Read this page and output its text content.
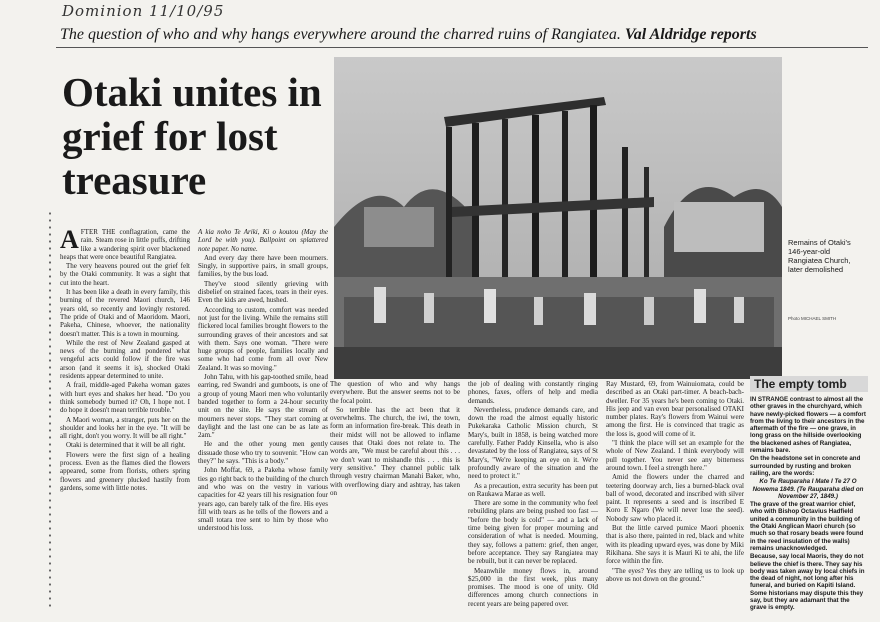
Dominion 11/10/95
The question of who and why hangs everywhere around the charred ruins of Rangiatea. Val Aldridge reports
Otaki unites in grief for lost treasure

AFTER THE conflagration, came the rain. Steam rose in little puffs, drifting like a wandering spirit over blackened heaps that were once beautiful Rangiatea.

The very heavens poured out the grief felt by the Otaki community. It was a sight that cut into the heart.

It has been like a death in every family, this burning of the revered Maori church, 146 years old, so recently and lovingly restored. The pride of Otaki and of Maoridom. Maori, Pakeha, Chinese, whoever, the nationality doesn't matter. This is a town in mourning.

While the rest of New Zealand gasped at news of the burning and pondered what vengeful acts could follow if the fire was arson (and it seems it is), shocked Otaki residents appear determined to unite.

A frail, middle-aged Pakeha woman gazes with hurt eyes and shakes her head. "Do you think somebody burned it? Oh, I hope not. I do hope it doesn't mean terrible trouble."

A Maori woman, a stranger, puts her on the shoulder and looks her in the eye. "It will be all right, don't you worry. It will be all right."

Otaki is determined that it will be all right.

Flowers were the first sign of a healing process. Even as the flames died the flowers appeared, some from florists, others spring flowers and greenery plucked hastily from gardens, some with little notes.

A kia noho Te Ariki, Ki o koutou (May the Lord be with you). Ballpoint on splattered note paper. No name.

And every day there have been mourners. Singly, in supportive pairs, in small groups, families, by the bus load.

They've stood silently grieving with disbelief on strained faces, tears in their eyes. Even the kids are awed, hushed.

According to custom, comfort was needed not just for the living. While the remains still flickered local families brought flowers to the surrounding graves of their ancestors and sat with them. Says one woman. "There were huge groups of people, families locally and some who had come from all over New Zealand. It was so moving."

John Tahu, with his gap-toothed smile, head earring, red Swandri and gumboots, is one of a group of young Maori men who voluntarily banded together to form a 24-hour security unit on the site. He says the stream of mourners never stops. "They start coming at daylight and the last one can be as late as 2am."

He and the other young men gently dissuade those who try to souvenir. "How can they?" he says. "This is a body."

John Moffat, 69, a Pakeha whose family ties go right back to the building of the church and who was on the vestry in various capacities for 42 years till his resignation four years ago, can barely talk of the fire. His eyes fill with tears as he tells of the flowers and a small totara tree sent to him by those who understood his loss.

Remains of Otaki's 146-year-old Rangiatea Church, later demolished
Photo MICHAEL SMITH

The question of who and why hangs everywhere. But the answer seems not to be the focal point.

So terrible has the act been that it overwhelms. The church, the iwi, the town, form an information fire-break. This death in their midst will not be allowed to inflame causes that Otaki does not relate to. The words are, "We must be careful about this . . . we don't want to mishandle this . . . this is very sensitive." They channel public talk through vestry chairman Manahi Baker, who, with overflowing diary and ashtray, has taken on

the job of dealing with constantly ringing phones, faxes, offers of help and media demands.

Nevertheless, prudence demands care, and down the road the almost equally historic Pukekaraka Catholic Mission church, St Mary's, built in 1858, is being watched more carefully. Father Paddy Kinsella, who is also devastated by the loss of Rangiatea, says of St Mary's, "We're keeping an eye on it. We're profoundly aware of the situation and the need to protect it."

As a precaution, extra security has been put on Raukawa Marae as well.

There are some in the community who feel rebuilding plans are being pushed too fast — "before the body is cold" — and a lack of time being given for proper mourning and consideration of what is needed. Mourning, they say, follows a pattern: grief, then anger, before acceptance. They say Rangiatea may be rebuilt, but it can never be replaced.

Meanwhile money flows in, around $25,000 in the first week, plus many promises. The mood is one of unity. Old differences among church connections in recent years are being papered over.

Ray Mustard, 69, from Wainuiomata, could be described as an Otaki part-timer. A beach-bach-dweller. For 35 years he's been coming to Otaki. His jeep and van even bear personalised OTAKI number plates. Ray's flowers from Wainui were among the first. He is convinced that tragic as the loss is, good will come of it.

"I think the place will set an example for the whole of New Zealand. I think everybody will pull together. You never see any bitterness around town. I feel a strength here."

Amid the flowers under the charred and teetering doorway arch, lies a burned-black oval ball of wood, decorated and inscribed with silver paint. It represents a seed and is inscribed E Koro E Ngaro (We will never lose the seed). Nobody saw who placed it.

But the little carved pumice Maori phoenix that is also there, painted in red, black and white with its pleading upward eyes, was done by Miki Rikihana. She says it is Mauri Ki te ahi, the life force within the fire.

"The eyes? Yes they are telling us to look up above us not down on the ground."

The empty tomb

IN STRANGE contrast to almost all the other graves in the churchyard, which have newly-picked flowers — a comfort from the living to their ancestors in the aftermath of the fire — one grave, in long grass on the hillside overlooking the blackened ashes of Rangiatea, remains bare.

On the headstone set in concrete and surrounded by rusting and broken railing, are the words:

Ko Te Rauparaha I Mate I Te 27 O Nowema 1849. (Te Rauparaha died on November 27, 1849.)

The grave of the great warrior chief, who with Bishop Octavius Hadfield united a community in the building of the Otaki Anglican Maori church (so much so that rosary beads were found in the reed insulation of the walls) remains unacknowledged.

Because, say local Maoris, they do not believe the chief is there. They say his body was taken away by local chiefs in the dead of night, not long after his funeral, and buried on Kapiti Island. Some historians may dispute this they say, but they are adamant that the grave is empty.
